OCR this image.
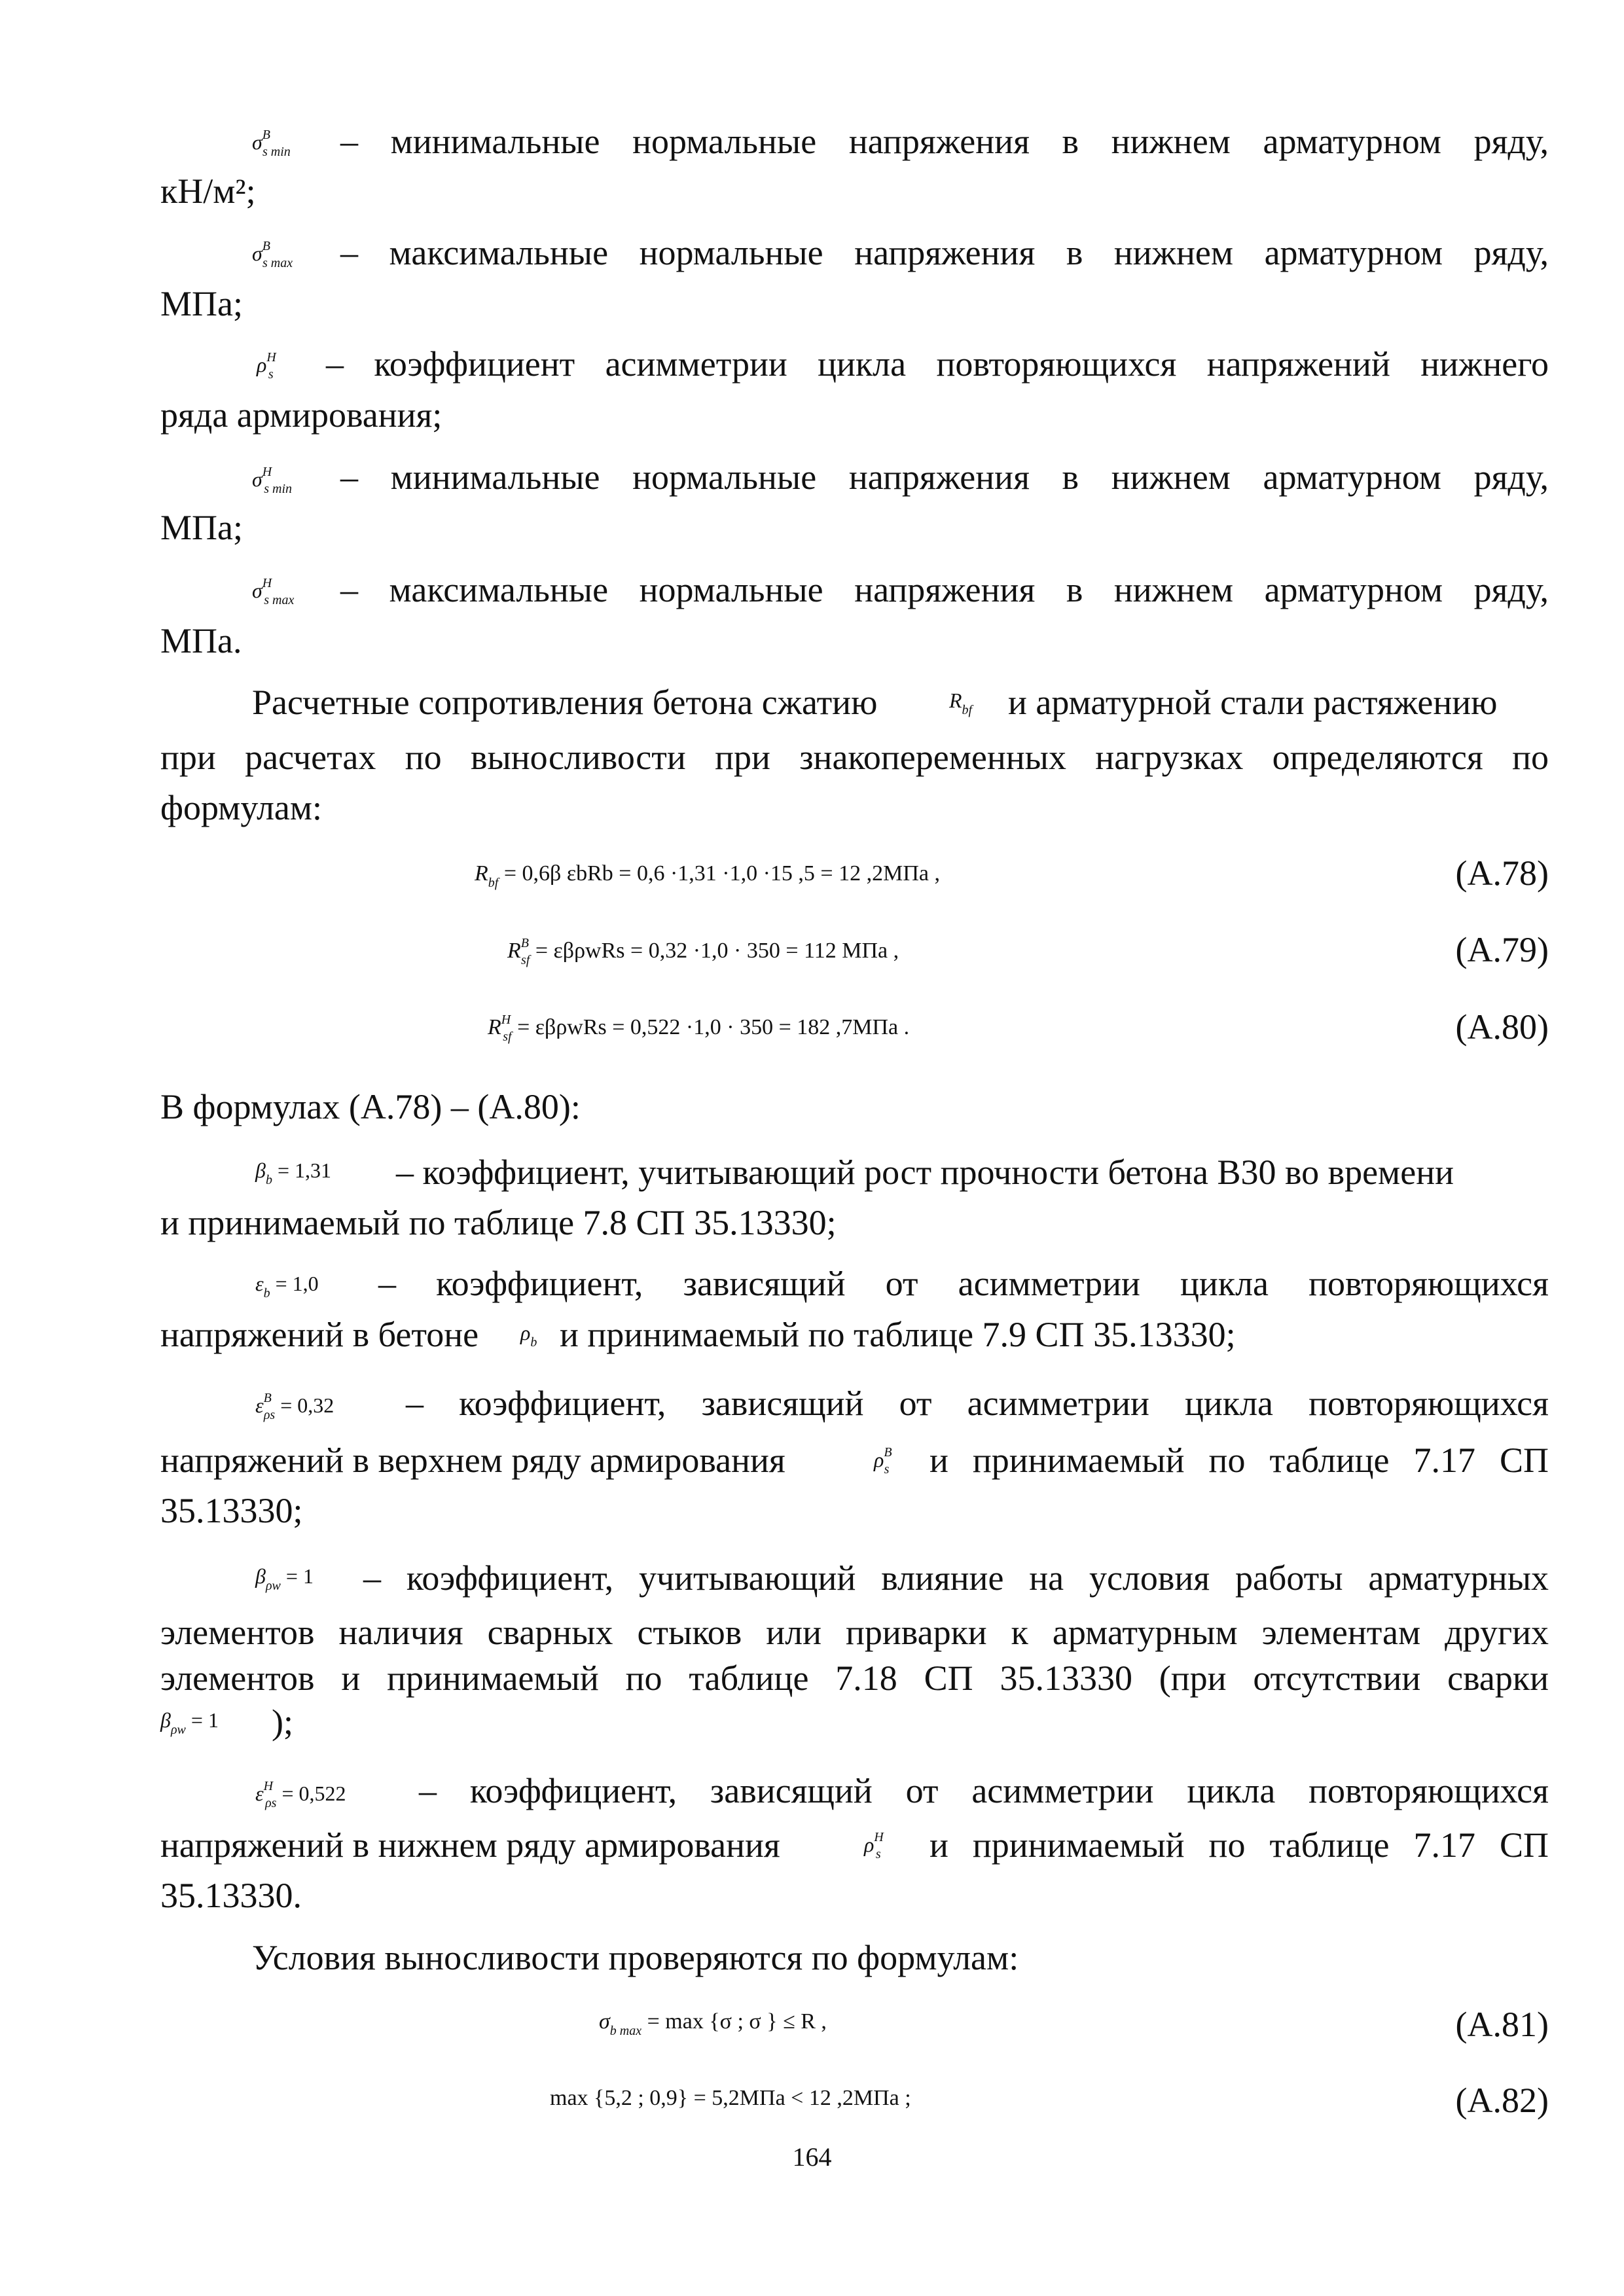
$\sigma^В_{s min}$ – минимальные нормальные напряжения в нижнем арматурном ряду,
кН/м²;
$\sigma^В_{s max}$ – максимальные нормальные напряжения в нижнем арматурном ряду,
МПа;
$\rho^Н_s$ – коэффициент асимметрии цикла повторяющихся напряжений нижнего
ряда армирования;
$\sigma^Н_{s min}$ – минимальные нормальные напряжения в нижнем арматурном ряду,
МПа;
$\sigma^Н_{s max}$ – максимальные нормальные напряжения в нижнем арматурном ряду,
МПа.
Расчетные сопротивления бетона сжатию	$R_{bf}$ и арматурной стали растяжению
при расчетах по выносливости при знакопеременных нагрузках определяются по
формулам:
$R_{bf} = 0,6\beta$ εbRb = 0,6 ·1,31 ·1,0 ·15 ,5 = 12 ,2МПа ,	(А.78)
$R^В_{sf} = \varepsilon\beta\rho wRs = 0,32 \cdot 1,0 \cdot 350 = 112$ МПа ,	(А.79)
$R^Н_{sf} = \varepsilon\beta\rho wRs = 0,522 \cdot 1,0 \cdot 350 = 182$ ,7МПа .	(А.80)
В формулах (А.78) – (А.80):
$\beta_b = 1,31$ – коэффициент, учитывающий рост прочности бетона В30 во времени
и принимаемый по таблице 7.8 СП 35.13330;
$\varepsilon_b = 1,0$ – коэффициент, зависящий от асимметрии цикла повторяющихся
напряжений в бетоне $\rho_b$ и принимаемый по таблице 7.9 СП 35.13330;
$\varepsilon^В_{\rho s} = 0,32$ – коэффициент, зависящий от асимметрии цикла повторяющихся
напряжений в верхнем ряду армирования	$\rho^В_s$ и принимаемый по таблице 7.17 СП
35.13330;
$\beta_{\rho w} = 1$ – коэффициент, учитывающий влияние на условия работы арматурных
элементов наличия сварных стыков или приварки к арматурным элементам других
элементов и принимаемый по таблице 7.18 СП 35.13330 (при отсутствии сварки
$\beta_{\rho w} = 1$ );
$\varepsilon^Н_{\rho s} = 0,522$ – коэффициент, зависящий от асимметрии цикла повторяющихся
напряжений в нижнем ряду армирования	$\rho^Н_s$ и принимаемый по таблице 7.17 СП
35.13330.
Условия выносливости проверяются по формулам:
$\sigma_{b max} = \max \{\sigma$ ; σ } ≤ R ,	(А.81)
max {5,2 ; 0,9} = 5,2МПа < 12 ,2МПа ;	(А.82)
164
